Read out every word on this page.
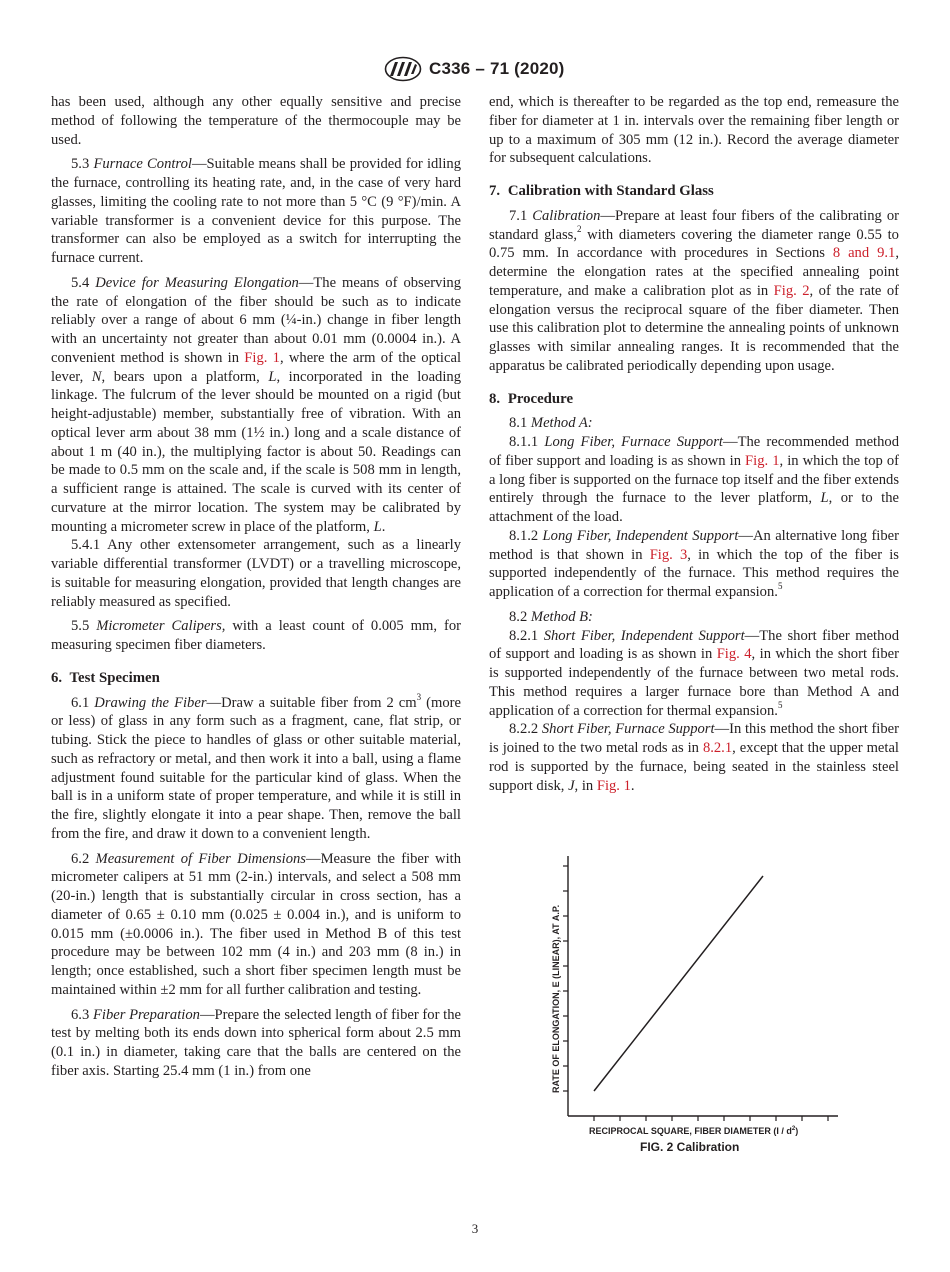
C336 – 71 (2020)

has been used, although any other equally sensitive and precise method of following the temperature of the thermocouple may be used.

5.3 Furnace Control—Suitable means shall be provided for idling the furnace, controlling its heating rate, and, in the case of very hard glasses, limiting the cooling rate to not more than 5 °C (9 °F)/min. A variable transformer is a convenient device for this purpose. The transformer can also be employed as a switch for interrupting the furnace current.

5.4 Device for Measuring Elongation—The means of observing the rate of elongation of the fiber should be such as to indicate reliably over a range of about 6 mm (¼-in.) change in fiber length with an uncertainty not greater than about 0.01 mm (0.0004 in.). A convenient method is shown in Fig. 1, where the arm of the optical lever, N, bears upon a platform, L, incorporated in the loading linkage. The fulcrum of the lever should be mounted on a rigid (but height-adjustable) member, substantially free of vibration. With an optical lever arm about 38 mm (1½ in.) long and a scale distance of about 1 m (40 in.), the multiplying factor is about 50. Readings can be made to 0.5 mm on the scale and, if the scale is 508 mm in length, a sufficient range is attained. The scale is curved with its center of curvature at the mirror location. The system may be calibrated by mounting a micrometer screw in place of the platform, L.

5.4.1 Any other extensometer arrangement, such as a linearly variable differential transformer (LVDT) or a travelling microscope, is suitable for measuring elongation, provided that length changes are reliably measured as specified.

5.5 Micrometer Calipers, with a least count of 0.005 mm, for measuring specimen fiber diameters.

6. Test Specimen

6.1 Drawing the Fiber—Draw a suitable fiber from 2 $cm^3$ (more or less) of glass in any form such as a fragment, cane, flat strip, or tubing. Stick the piece to handles of glass or other suitable material, such as refractory or metal, and then work it into a ball, using a flame adjustment found suitable for the particular kind of glass. When the ball is in a uniform state of proper temperature, and while it is still in the fire, slightly elongate it into a pear shape. Then, remove the ball from the fire, and draw it down to a convenient length.

6.2 Measurement of Fiber Dimensions—Measure the fiber with micrometer calipers at 51 mm (2-in.) intervals, and select a 508 mm (20-in.) length that is substantially circular in cross section, has a diameter of 0.65 ± 0.10 mm (0.025 ± 0.004 in.), and is uniform to 0.015 mm (±0.0006 in.). The fiber used in Method B of this test procedure may be between 102 mm (4 in.) and 203 mm (8 in.) in length; once established, such a short fiber specimen length must be maintained within ±2 mm for all further calibration and testing.

6.3 Fiber Preparation—Prepare the selected length of fiber for the test by melting both its ends down into spherical form about 2.5 mm (0.1 in.) in diameter, taking care that the balls are centered on the fiber axis. Starting 25.4 mm (1 in.) from one

end, which is thereafter to be regarded as the top end, remeasure the fiber for diameter at 1 in. intervals over the remaining fiber length or up to a maximum of 305 mm (12 in.). Record the average diameter for subsequent calculations.

7. Calibration with Standard Glass

7.1 Calibration—Prepare at least four fibers of the calibrating or standard glass,$^2$ with diameters covering the diameter range 0.55 to 0.75 mm. In accordance with procedures in Sections 8 and 9.1, determine the elongation rates at the specified annealing point temperature, and make a calibration plot as in Fig. 2, of the rate of elongation versus the reciprocal square of the fiber diameter. Then use this calibration plot to determine the annealing points of unknown glasses with similar annealing ranges. It is recommended that the apparatus be calibrated periodically depending upon usage.

8. Procedure

8.1 Method A:

8.1.1 Long Fiber, Furnace Support—The recommended method of fiber support and loading is as shown in Fig. 1, in which the top of a long fiber is supported on the furnace top itself and the fiber extends entirely through the furnace to the lever platform, L, or to the attachment of the load.

8.1.2 Long Fiber, Independent Support—An alternative long fiber method is that shown in Fig. 3, in which the top of the fiber is supported independently of the furnace. This method requires the application of a correction for thermal expansion.$^5$

8.2 Method B:

8.2.1 Short Fiber, Independent Support—The short fiber method of support and loading is as shown in Fig. 4, in which the short fiber is supported independently of the furnace between two metal rods. This method requires a larger furnace bore than Method A and application of a correction for thermal expansion.$^5$

8.2.2 Short Fiber, Furnace Support—In this method the short fiber is joined to the two metal rods as in 8.2.1, except that the upper metal rod is supported by the furnace, being seated in the stainless steel support disk, J, in Fig. 1.

RATE OF ELONGATION, E (LINEAR), AT A.P.
RECIPROCAL SQUARE, FIBER DIAMETER $(I / d^2)$
FIG. 2 Calibration
3
